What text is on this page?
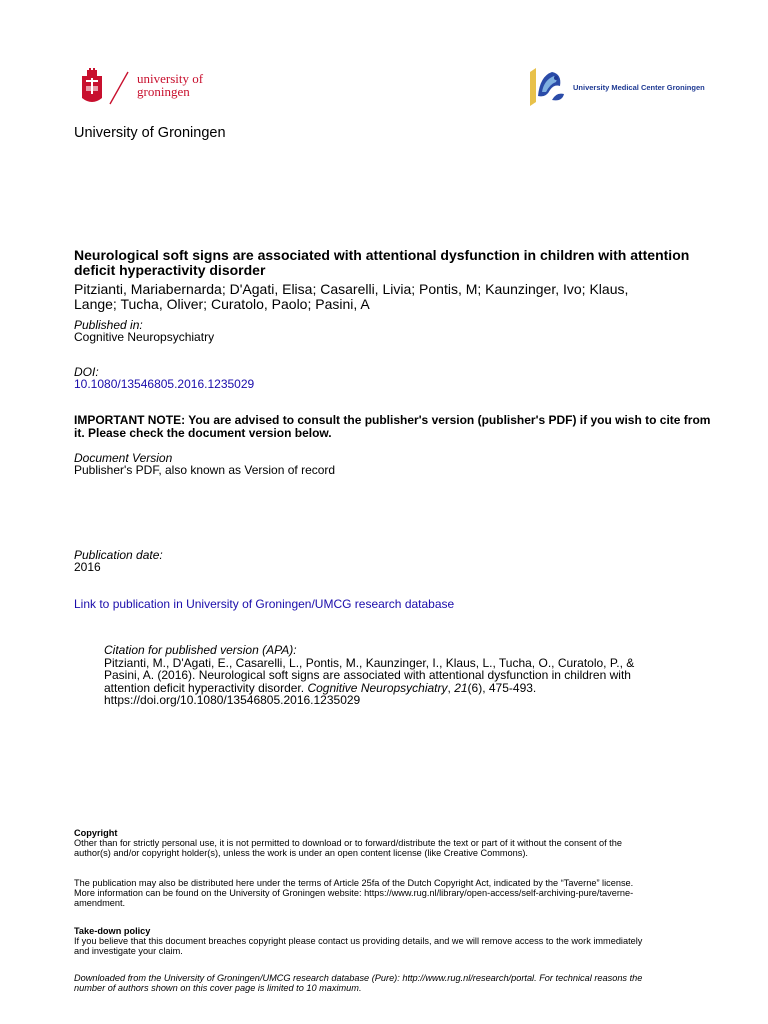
university of
groningen	University Medical Center Groningen
University of Groningen
Neurological soft signs are associated with attentional dysfunction in children with attention
deficit hyperactivity disorder
Pitzianti, Mariabernarda; D'Agati, Elisa; Casarelli, Livia; Pontis, M; Kaunzinger, Ivo; Klaus,
Lange; Tucha, Oliver; Curatolo, Paolo; Pasini, A
Published in:
Cognitive Neuropsychiatry
DOI:
10.1080/13546805.2016.1235029
IMPORTANT NOTE: You are advised to consult the publisher's version (publisher's PDF) if you wish to cite from
it. Please check the document version below.
Document Version
Publisher's PDF, also known as Version of record
Publication date:
2016
Link to publication in University of Groningen/UMCG research database
Citation for published version (APA):
Pitzianti, M., D'Agati, E., Casarelli, L., Pontis, M., Kaunzinger, I., Klaus, L., Tucha, O., Curatolo, P., &
Pasini, A. (2016). Neurological soft signs are associated with attentional dysfunction in children with
attention deficit hyperactivity disorder. Cognitive Neuropsychiatry, 21(6), 475-493.
https://doi.org/10.1080/13546805.2016.1235029
Copyright
Other than for strictly personal use, it is not permitted to download or to forward/distribute the text or part of it without the consent of the
author(s) and/or copyright holder(s), unless the work is under an open content license (like Creative Commons).
The publication may also be distributed here under the terms of Article 25fa of the Dutch Copyright Act, indicated by the “Taverne” license.
More information can be found on the University of Groningen website: https://www.rug.nl/library/open-access/self-archiving-pure/taverne-
amendment.
Take-down policy
If you believe that this document breaches copyright please contact us providing details, and we will remove access to the work immediately
and investigate your claim.
Downloaded from the University of Groningen/UMCG research database (Pure): http://www.rug.nl/research/portal. For technical reasons the
number of authors shown on this cover page is limited to 10 maximum.
